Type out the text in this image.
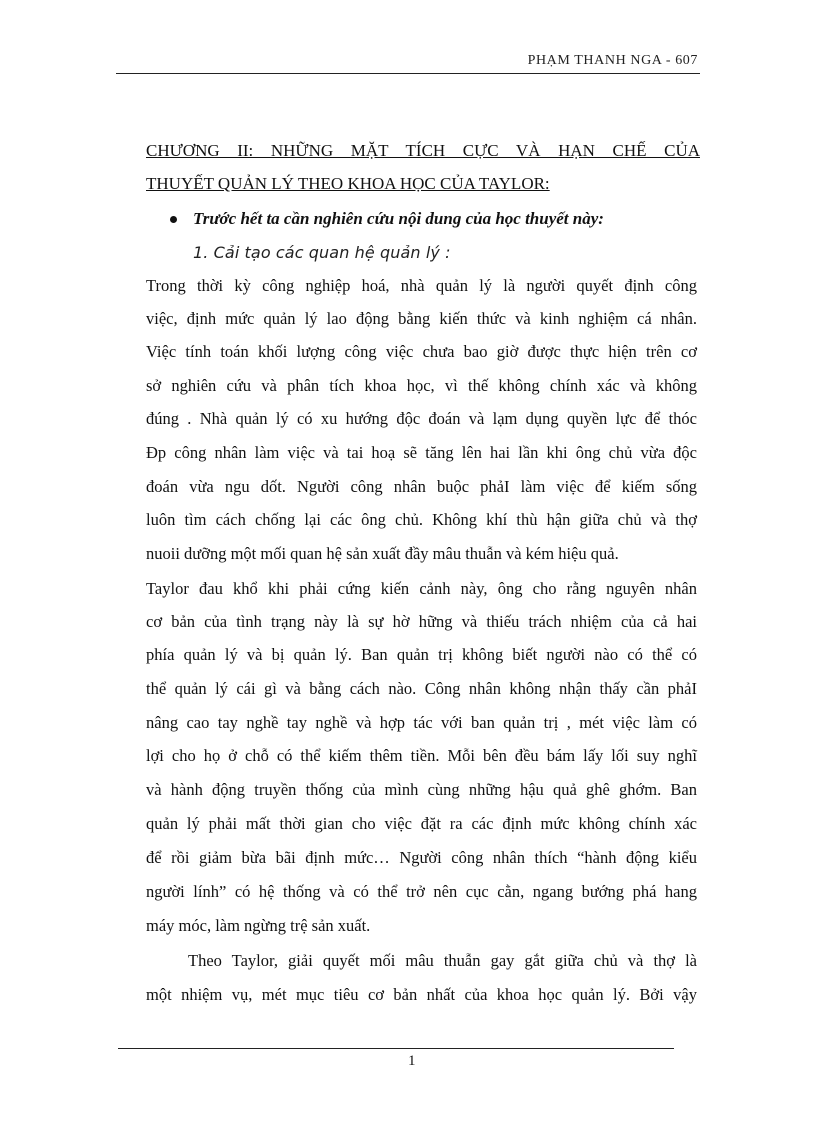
PHẠM THANH NGA - 607
CHƯƠNG II: NHỮNG MẶT TÍCH CỰC VÀ HẠN CHẾ CỦA
THUYẾT QUẢN LÝ THEO KHOA HỌC CỦA TAYLOR:
Trước hết ta cần nghiên cứu nội dung của học thuyết này:
1. Cải tạo các quan hệ quản lý :
Trong thời kỳ công nghiệp hoá, nhà quản lý là người quyết định công
việc, định mức quản lý lao động bằng kiến thức và kinh nghiệm cá nhân.
Việc tính toán khối lượng công việc chưa bao giờ được thực hiện trên cơ
sở nghiên cứu và phân tích khoa học, vì thế không chính xác và không
đúng . Nhà quản lý có xu hướng độc đoán và lạm dụng quyền lực để thóc
Đp công nhân làm việc và tai hoạ sẽ tăng lên hai lần khi ông chủ vừa độc
đoán vừa ngu dốt. Người công nhân buộc phảI làm việc để kiếm sống
luôn tìm cách chống lại các ông chủ. Không khí thù hận giữa chủ và thợ
nuoii dưỡng một mối quan hệ sản xuất đầy mâu thuẫn và kém hiệu quả.
Taylor đau khổ khi phải cứng kiến cảnh này, ông cho rằng nguyên nhân
cơ bản của tình trạng này là sự hờ hững và thiếu trách nhiệm của cả hai
phía quản lý và bị quản lý. Ban quản trị không biết người nào có thể có
thể quản lý cái gì và bằng cách nào. Công nhân không nhận thấy cần phảI
nâng cao tay nghề tay nghề và hợp tác với ban quản trị , mét việc làm có
lợi cho họ ở chỗ có thể kiếm thêm tiền. Mỗi bên đều bám lấy lối suy nghĩ
và hành động truyền thống của mình cùng những hậu quả ghê ghớm. Ban
quản lý phải mất thời gian cho việc đặt ra các định mức không chính xác
để rồi giảm bừa bãi định mức… Người công nhân thích “hành động kiểu
người lính” có hệ thống và có thể trở nên cục cằn, ngang bướng phá hang
máy móc, làm ngừng trệ sản xuất.
Theo Taylor, giải quyết mối mâu thuẫn gay gắt giữa chủ và thợ là
một nhiệm vụ, mét mục tiêu cơ bản nhất của khoa học quản lý. Bởi vậy
1
